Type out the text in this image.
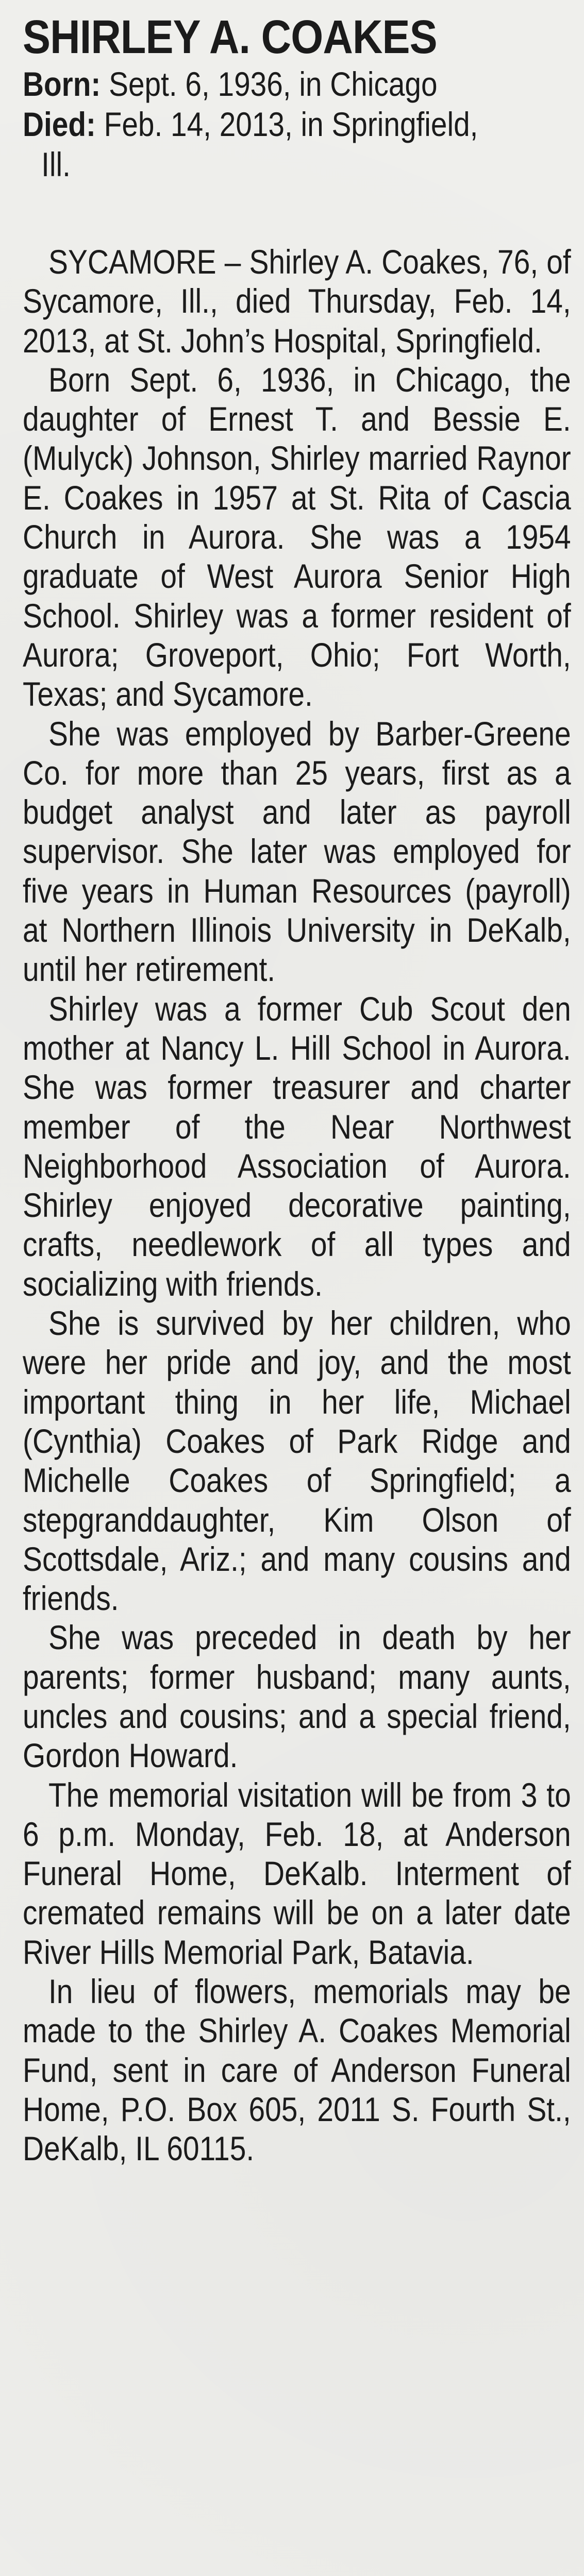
SHIRLEY A. COAKES

Born: Sept. 6, 1936, in Chicago

Died: Feb. 14, 2013, in Springfield,
Ill.

SYCAMORE – Shirley A. Coakes, 76, of Sycamore, Ill., died Thursday, Feb. 14, 2013, at St. John’s Hospital, Springfield.

Born Sept. 6, 1936, in Chicago, the daughter of Ernest T. and Bessie E. (Mulyck) Johnson, Shirley married Raynor E. Coakes in 1957 at St. Rita of Cascia Church in Aurora. She was a 1954 graduate of West Aurora Senior High School. Shirley was a former resident of Aurora; Groveport, Ohio; Fort Worth, Texas; and Sycamore.

She was employed by Barber-Greene Co. for more than 25 years, first as a budget analyst and later as payroll supervisor. She later was employed for five years in Human Resources (payroll) at Northern Illinois University in DeKalb, until her retirement.

Shirley was a former Cub Scout den mother at Nancy L. Hill School in Aurora. She was former treasurer and charter member of the Near Northwest Neighborhood Association of Aurora. Shirley enjoyed decorative painting, crafts, needlework of all types and socializing with friends.

She is survived by her children, who were her pride and joy, and the most important thing in her life, Michael (Cynthia) Coakes of Park Ridge and Michelle Coakes of Springfield; a stepgranddaughter, Kim Olson of Scottsdale, Ariz.; and many cousins and friends.

She was preceded in death by her parents; former husband; many aunts, uncles and cousins; and a special friend, Gordon Howard.

The memorial visitation will be from 3 to 6 p.m. Monday, Feb. 18, at Anderson Funeral Home, DeKalb. Interment of cremated remains will be on a later date River Hills Memorial Park, Batavia.

In lieu of flowers, memorials may be made to the Shirley A. Coakes Memorial Fund, sent in care of Anderson Funeral Home, P.O. Box 605, 2011 S. Fourth St., DeKalb, IL 60115.
